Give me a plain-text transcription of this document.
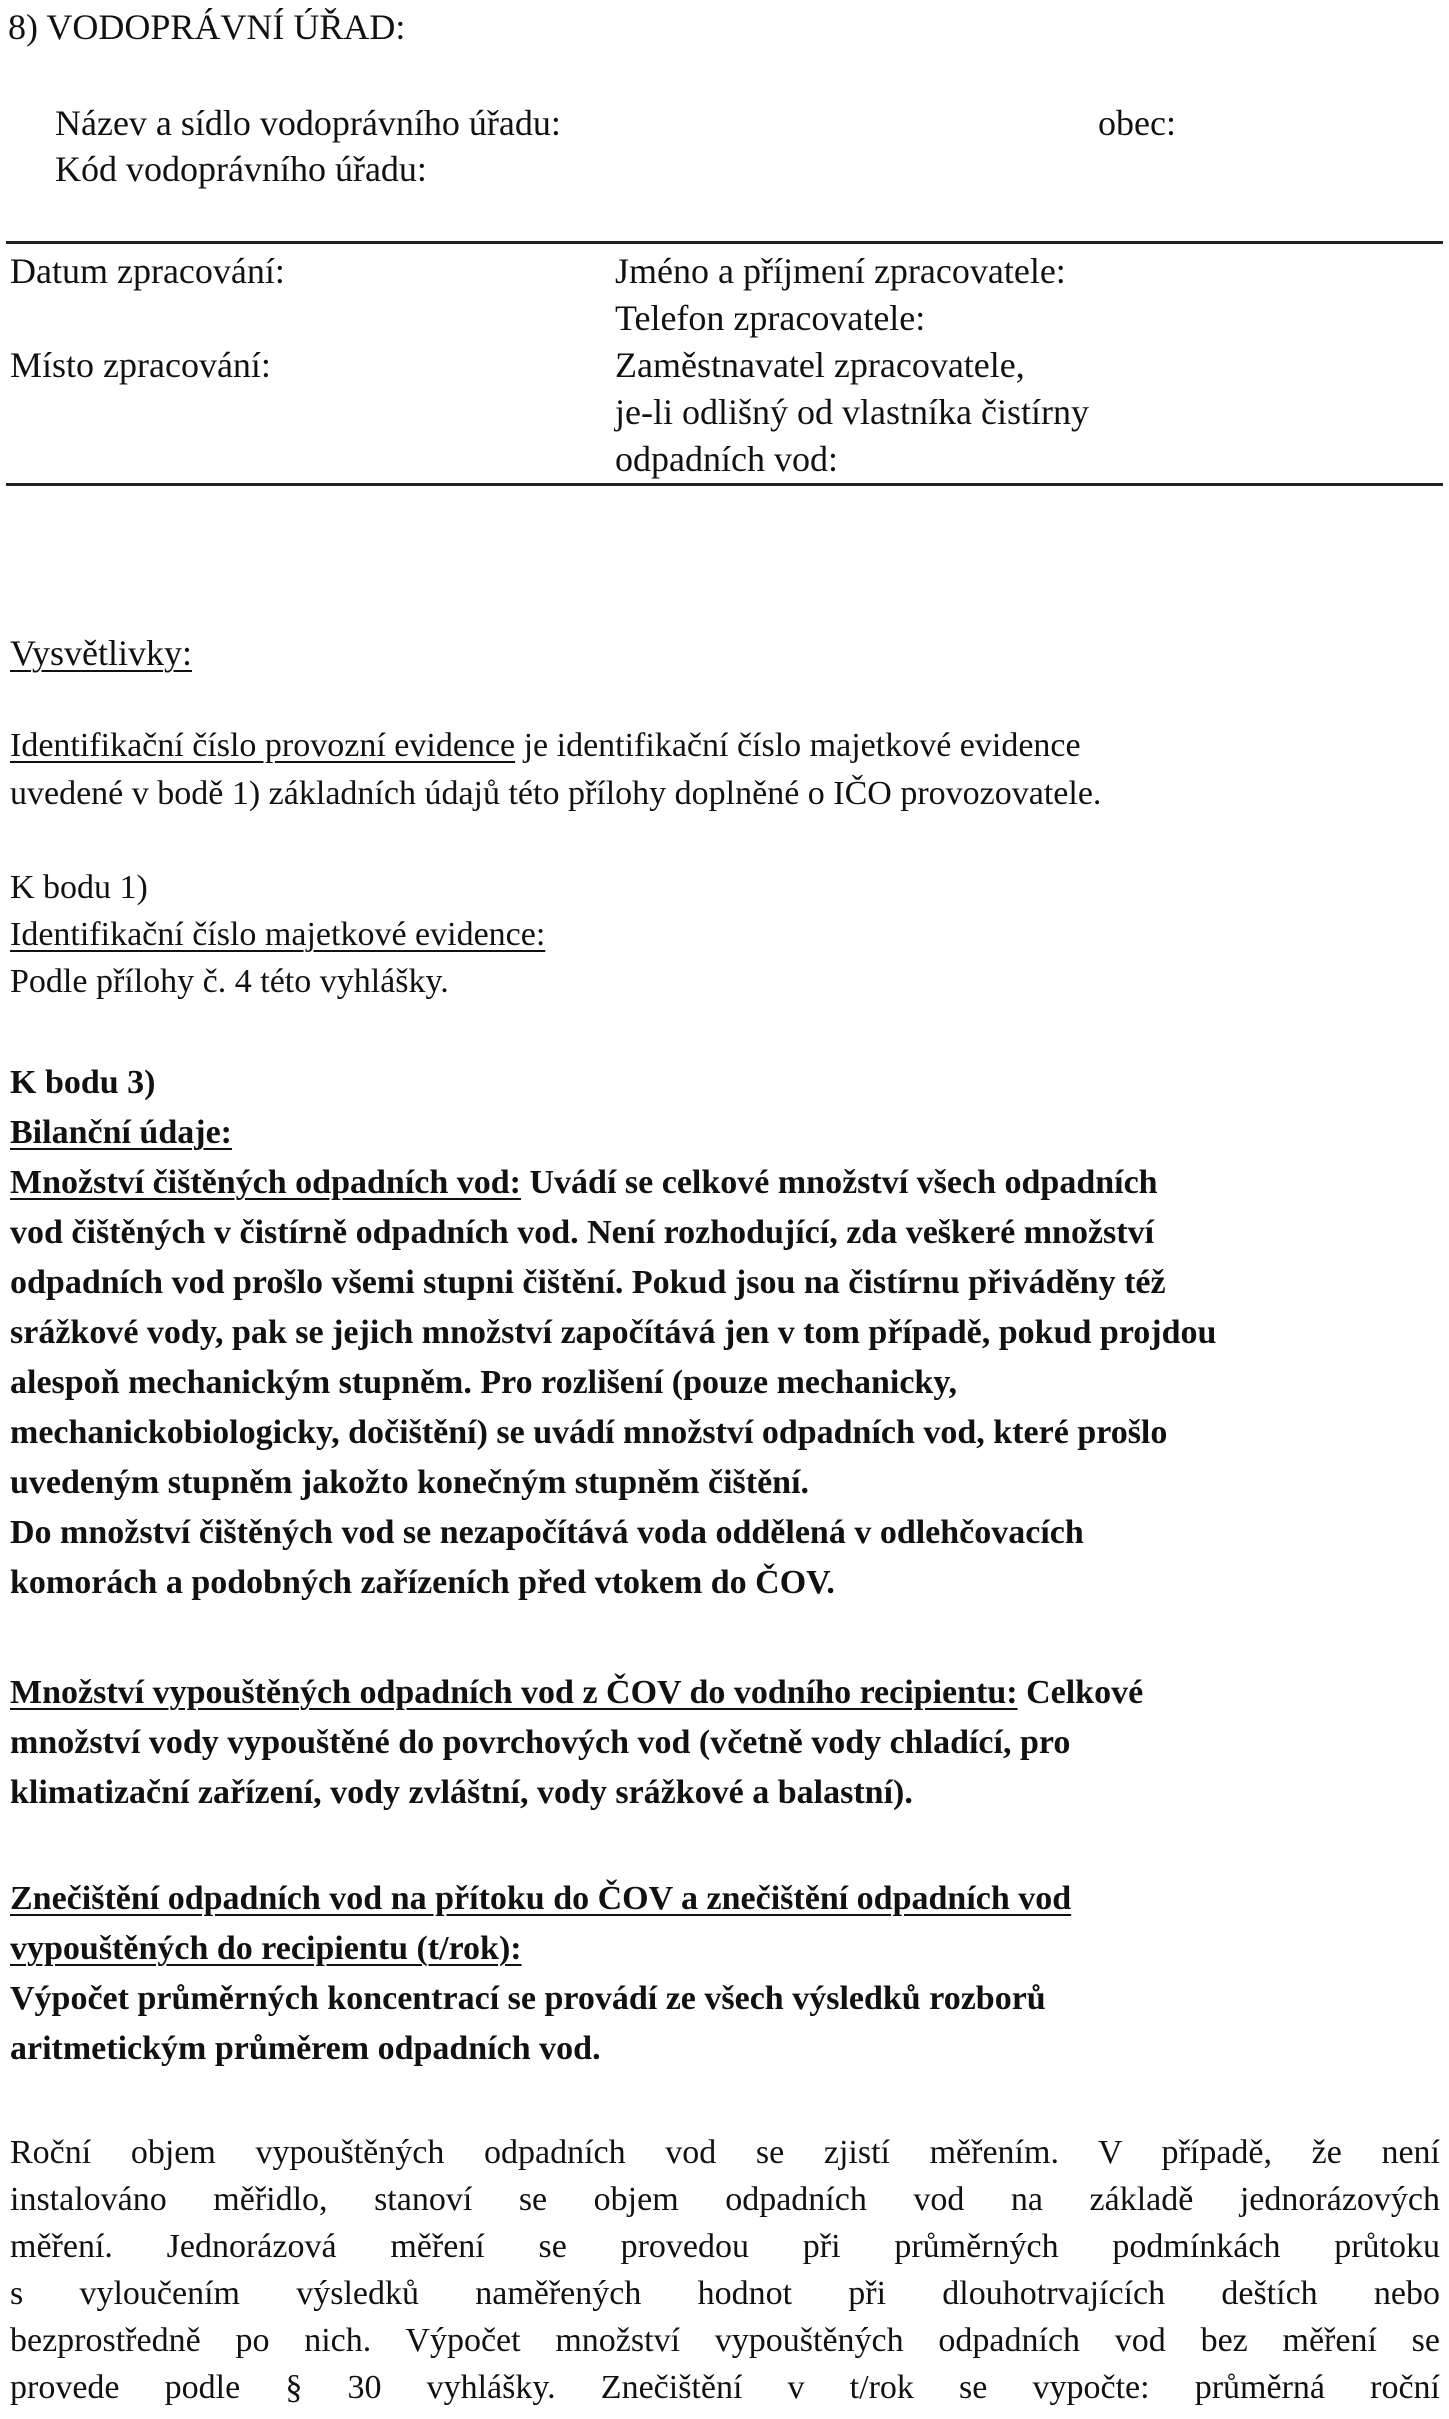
8) VODOPRÁVNÍ ÚŘAD:
Název a sídlo vodoprávního úřadu:	obec:
Kód vodoprávního úřadu:
Datum zpracování:
Místo zpracování:
Jméno a příjmení zpracovatele:
Telefon zpracovatele:
Zaměstnavatel zpracovatele,
je-li odlišný od vlastníka čistírny
odpadních vod:
Vysvětlivky:
Identifikační číslo provozní evidence je identifikační číslo majetkové evidence
uvedené v bodě 1) základních údajů této přílohy doplněné o IČO provozovatele.
K bodu 1)
Identifikační číslo majetkové evidence:
Podle přílohy č. 4 této vyhlášky.
K bodu 3)
Bilanční údaje:
Množství čištěných odpadních vod: Uvádí se celkové množství všech odpadních
vod čištěných v čistírně odpadních vod. Není rozhodující, zda veškeré množství
odpadních vod prošlo všemi stupni čištění. Pokud jsou na čistírnu přiváděny též
srážkové vody, pak se jejich množství započítává jen v tom případě, pokud projdou
alespoň mechanickým stupněm. Pro rozlišení (pouze mechanicky,
mechanickobiologicky, dočištění) se uvádí množství odpadních vod, které prošlo
uvedeným stupněm jakožto konečným stupněm čištění.
Do množství čištěných vod se nezapočítává voda oddělená v odlehčovacích
komorách a podobných zařízeních před vtokem do ČOV.
Množství vypouštěných odpadních vod z ČOV do vodního recipientu: Celkové
množství vody vypouštěné do povrchových vod (včetně vody chladící, pro
klimatizační zařízení, vody zvláštní, vody srážkové a balastní).
Znečištění odpadních vod na přítoku do ČOV a znečištění odpadních vod
vypouštěných do recipientu (t/rok):
Výpočet průměrných koncentrací se provádí ze všech výsledků rozborů
aritmetickým průměrem odpadních vod.
Roční objem vypouštěných odpadních vod se zjistí měřením. V případě, že není
instalováno měřidlo, stanoví se objem odpadních vod na základě jednorázových
měření. Jednorázová měření se provedou při průměrných podmínkách průtoku
s vyloučením výsledků naměřených hodnot při dlouhotrvajících deštích nebo
bezprostředně po nich. Výpočet množství vypouštěných odpadních vod bez měření se
provede podle § 30 vyhlášky. Znečištění v t/rok se vypočte: průměrná roční
